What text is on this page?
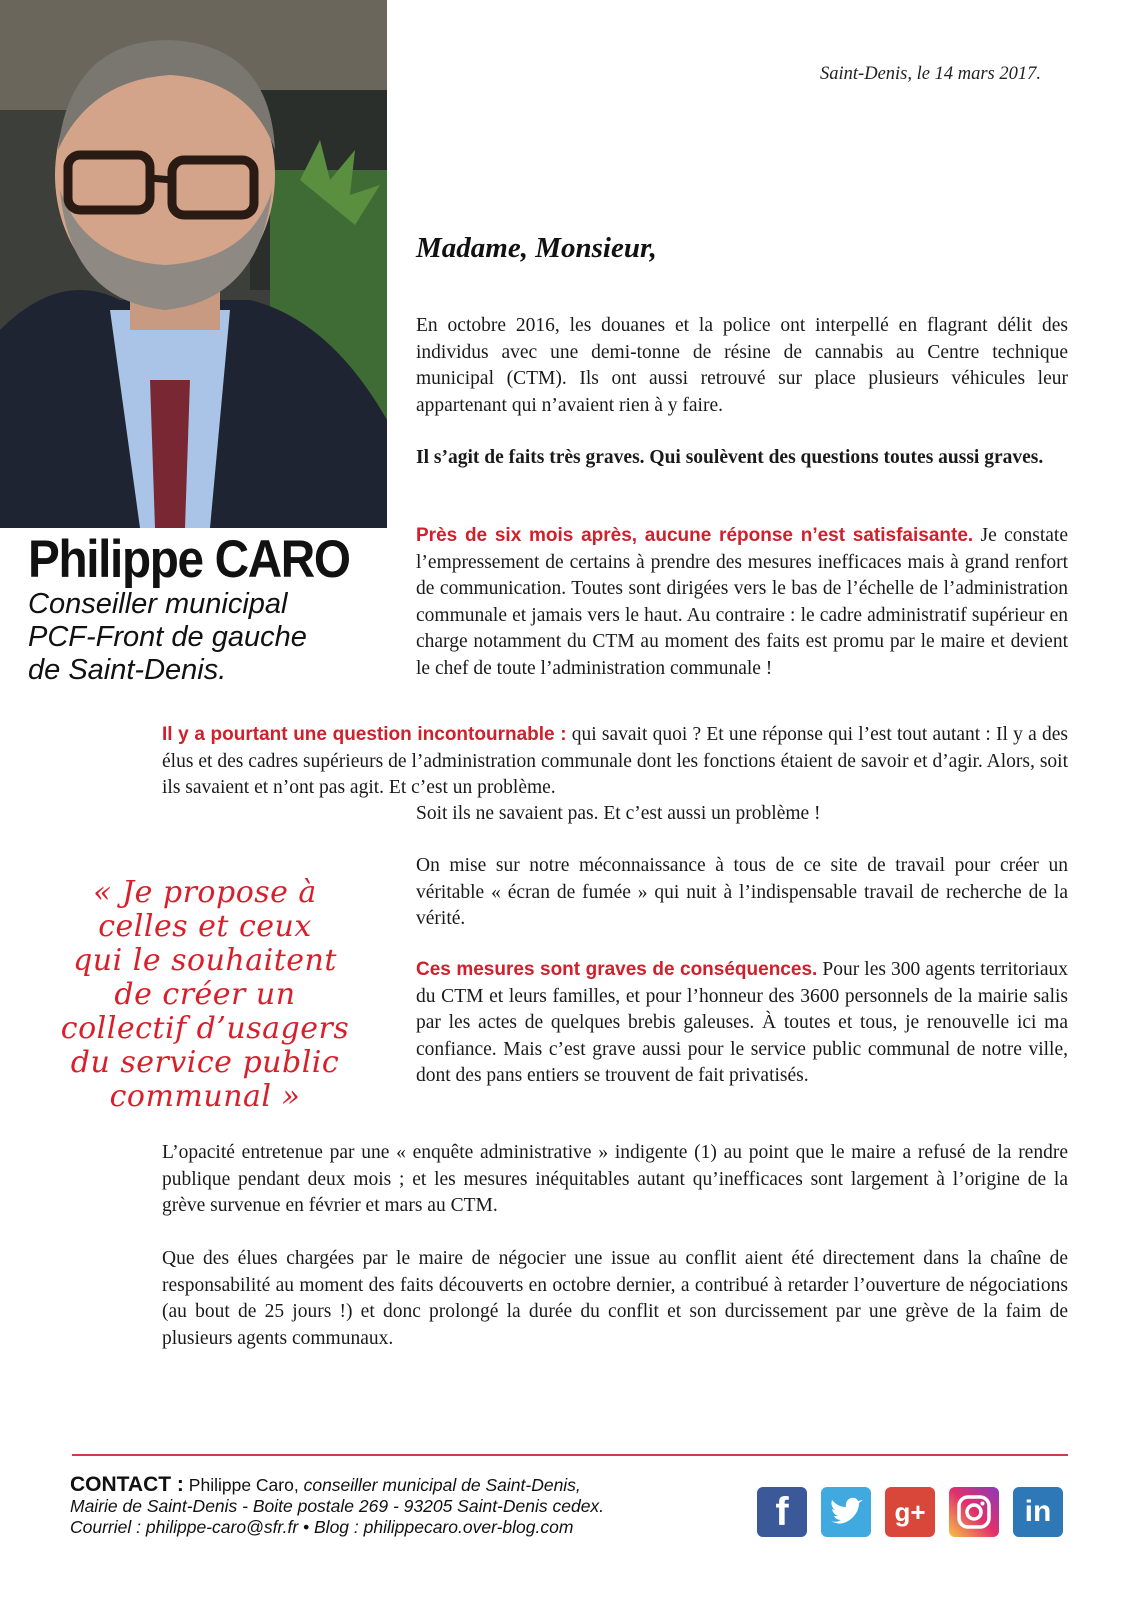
Saint-Denis, le 14 mars 2017.
Madame, Monsieur,
Philippe CARO
Conseiller municipal
PCF-Front de gauche
de Saint-Denis.

En octobre 2016, les douanes et la police ont interpellé en flagrant délit des individus avec une demi-tonne de résine de cannabis au Centre technique municipal (CTM). Ils ont aussi retrouvé sur place plusieurs véhicules leur appartenant qui n’avaient rien à y faire.

Il s’agit de faits très graves. Qui soulèvent des questions toutes aussi graves.

Près de six mois après, aucune réponse n’est satisfaisante. Je constate l’empressement de certains à prendre des mesures inefficaces mais à grand renfort de communication. Toutes sont dirigées vers le bas de l’échelle de l’administration communale et jamais vers le haut. Au contraire : le cadre administratif supérieur en charge notamment du CTM au moment des faits est promu par le maire et devient le chef de toute l’administration communale !

Il y a pourtant une question incontournable : qui savait quoi ? Et une réponse qui l’est tout autant : Il y a des élus et des cadres supérieurs de l’administration communale dont les fonctions étaient de savoir et d’agir. Alors, soit ils savaient et n’ont pas agit. Et c’est un problème.

Soit ils ne savaient pas. Et c’est aussi un problème !

On mise sur notre méconnaissance à tous de ce site de travail pour créer un véritable « écran de fumée » qui nuit à l’indispensable travail de recherche de la vérité.

Ces mesures sont graves de conséquences. Pour les 300 agents territoriaux du CTM et leurs familles, et pour l’honneur des 3600 personnels de la mairie salis par les actes de quelques brebis galeuses. À toutes et tous, je renouvelle ici ma confiance. Mais c’est grave aussi pour le service public communal de notre ville, dont des pans entiers se trouvent de fait privatisés.

L’opacité entretenue par une « enquête administrative » indigente (1) au point que le maire a refusé de la rendre publique pendant deux mois ; et les mesures inéquitables autant qu’inefficaces sont largement à l’origine de la grève survenue en février et mars au CTM.

Que des élues chargées par le maire de négocier une issue au conflit aient été directement dans la chaîne de responsabilité au moment des faits découverts en octobre dernier, a contribué à retarder l’ouverture de négociations (au bout de 25 jours !) et donc prolongé la durée du conflit et son durcissement par une grève de la faim de plusieurs agents communaux.

« Je propose à
celles et ceux
qui le souhaitent
de créer un
collectif d’usagers
du service public
communal »
CONTACT : Philippe Caro, conseiller municipal de Saint-Denis,
Mairie de Saint-Denis - Boite postale 269 - 93205 Saint-Denis cedex.
Courriel : philippe-caro@sfr.fr • Blog : philippecaro.over-blog.com	f	g+	in
